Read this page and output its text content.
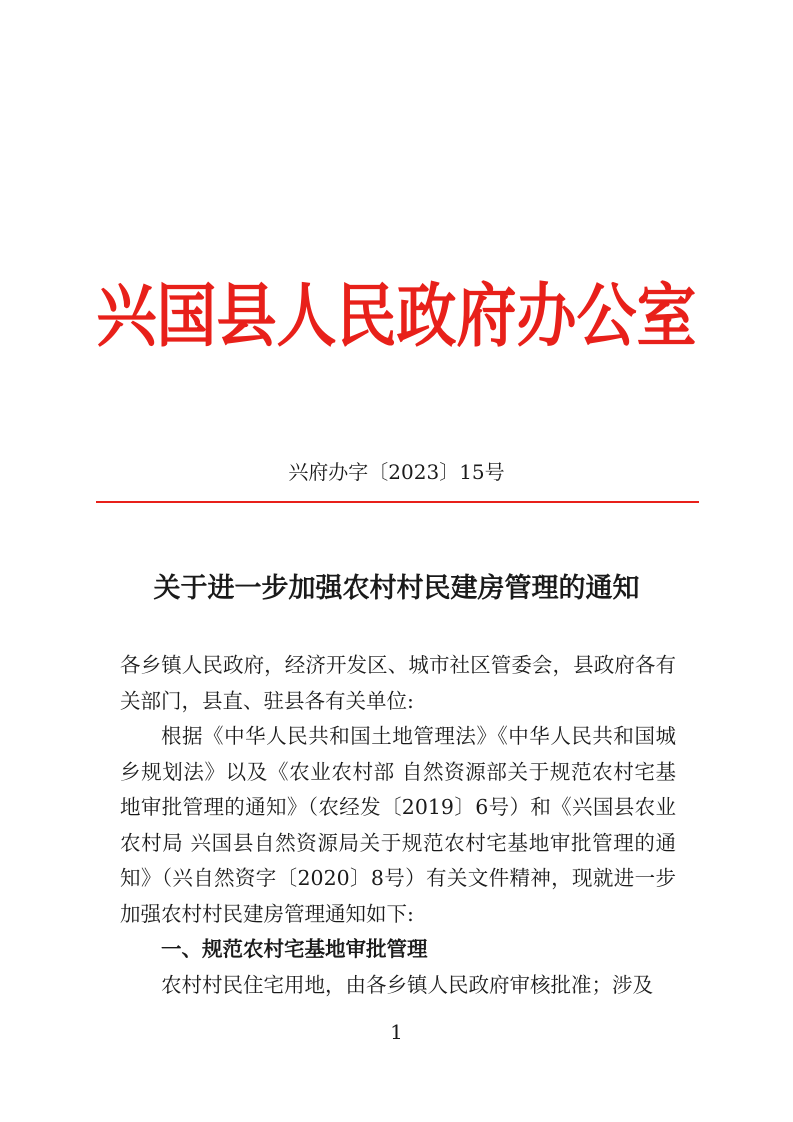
兴国县人民政府办公室
兴府办字〔2023〕15号
关于进一步加强农村村民建房管理的通知

各乡镇人民政府，经济开发区、城市社区管委会，县政府各有关部门，县直、驻县各有关单位:

根据《中华人民共和国土地管理法》《中华人民共和国城乡规划法》以及《农业农村部 自然资源部关于规范农村宅基地审批管理的通知》（农经发〔2019〕6号）和《兴国县农业农村局 兴国县自然资源局关于规范农村宅基地审批管理的通知》（兴自然资字〔2020〕8号）有关文件精神，现就进一步加强农村村民建房管理通知如下:

一、规范农村宅基地审批管理

农村村民住宅用地，由各乡镇人民政府审核批准；涉及

1
